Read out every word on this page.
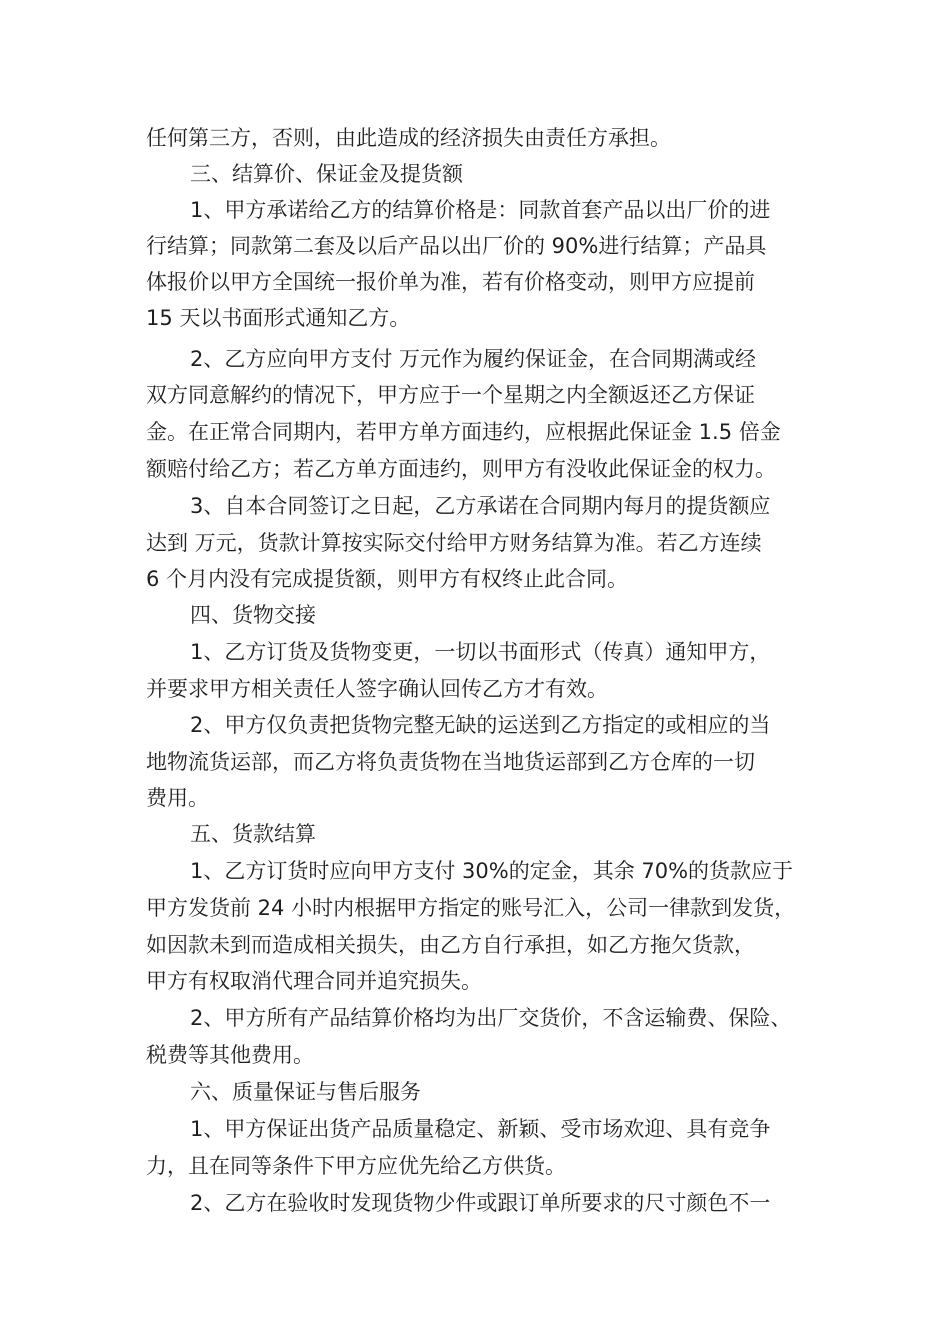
任何第三方，否则，由此造成的经济损失由责任方承担。

三、结算价、保证金及提货额

1、甲方承诺给乙方的结算价格是：同款首套产品以出厂价的进

行结算；同款第二套及以后产品以出厂价的 90%进行结算；产品具

体报价以甲方全国统一报价单为准，若有价格变动，则甲方应提前

15 天以书面形式通知乙方。

2、乙方应向甲方支付 万元作为履约保证金，在合同期满或经

双方同意解约的情况下，甲方应于一个星期之内全额返还乙方保证

金。在正常合同期内，若甲方单方面违约，应根据此保证金 1.5 倍金

额赔付给乙方；若乙方单方面违约，则甲方有没收此保证金的权力。

3、自本合同签订之日起，乙方承诺在合同期内每月的提货额应

达到 万元，货款计算按实际交付给甲方财务结算为准。若乙方连续

6 个月内没有完成提货额，则甲方有权终止此合同。

四、货物交接

1、乙方订货及货物变更，一切以书面形式（传真）通知甲方，

并要求甲方相关责任人签字确认回传乙方才有效。

2、甲方仅负责把货物完整无缺的运送到乙方指定的或相应的当

地物流货运部，而乙方将负责货物在当地货运部到乙方仓库的一切

费用。

五、货款结算

1、乙方订货时应向甲方支付 30%的定金，其余 70%的货款应于

甲方发货前 24 小时内根据甲方指定的账号汇入，公司一律款到发货，

如因款未到而造成相关损失，由乙方自行承担，如乙方拖欠货款，

甲方有权取消代理合同并追究损失。

2、甲方所有产品结算价格均为出厂交货价，不含运输费、保险、

税费等其他费用。

六、质量保证与售后服务

1、甲方保证出货产品质量稳定、新颖、受市场欢迎、具有竞争

力，且在同等条件下甲方应优先给乙方供货。

2、乙方在验收时发现货物少件或跟订单所要求的尺寸颜色不一
